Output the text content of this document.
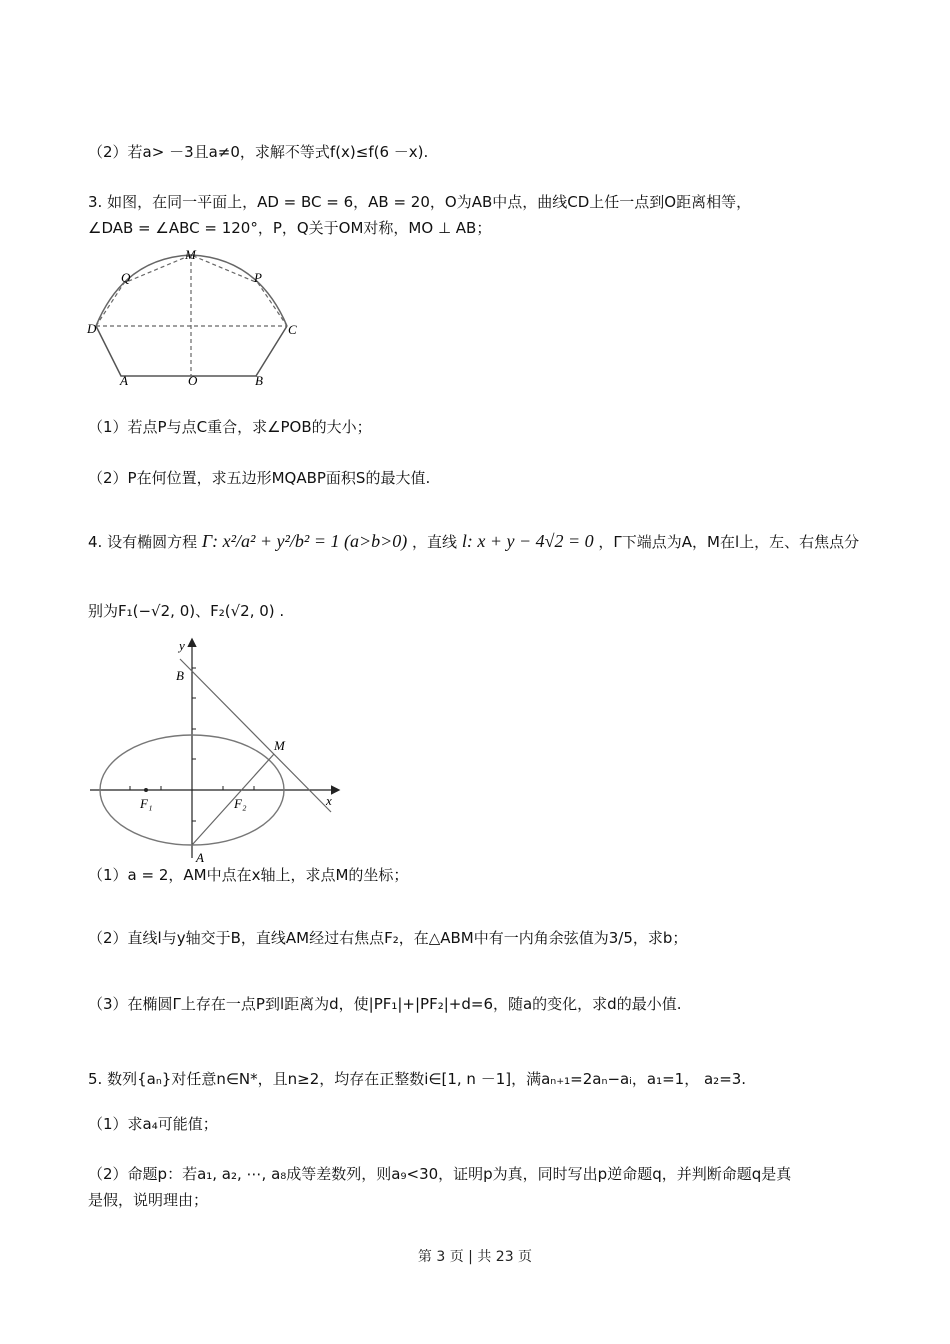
（2）若a> －3且a≠0，求解不等式f(x)≤f(6 －x).
3. 如图，在同一平面上，AD = BC = 6，AB = 20，O为AB中点，曲线CD上任一点到O距离相等，
∠DAB = ∠ABC = 120°，P，Q关于OM对称，MO ⊥ AB；
M
Q	P
D	C
A	O	B
（1）若点P与点C重合，求∠POB的大小；
（2）P在何位置，求五边形MQABP面积S的最大值.
4. 设有椭圆方程 Γ: x²/a² + y²/b² = 1 (a>b>0) ，直线 l: x + y − 4√2 = 0 ，Γ下端点为A，M在l上，左、右焦点分
别为F₁(−√2, 0)、F₂(√2, 0) .
y
B
M
F₁	F₂	x
A
（1）a = 2，AM中点在x轴上，求点M的坐标；
（2）直线l与y轴交于B，直线AM经过右焦点F₂，在△ABM中有一内角余弦值为3/5，求b；
（3）在椭圆Γ上存在一点P到l距离为d，使|PF₁|+|PF₂|+d=6，随a的变化，求d的最小值.
5. 数列{aₙ}对任意n∈N*，且n≥2，均存在正整数i∈[1, n －1]，满aₙ₊₁=2aₙ−aᵢ，a₁=1， a₂=3.
（1）求a₄可能值；
（2）命题p：若a₁, a₂, ⋯, a₈成等差数列，则a₉<30，证明p为真，同时写出p逆命题q，并判断命题q是真
是假，说明理由；
第 3 页 | 共 23 页
